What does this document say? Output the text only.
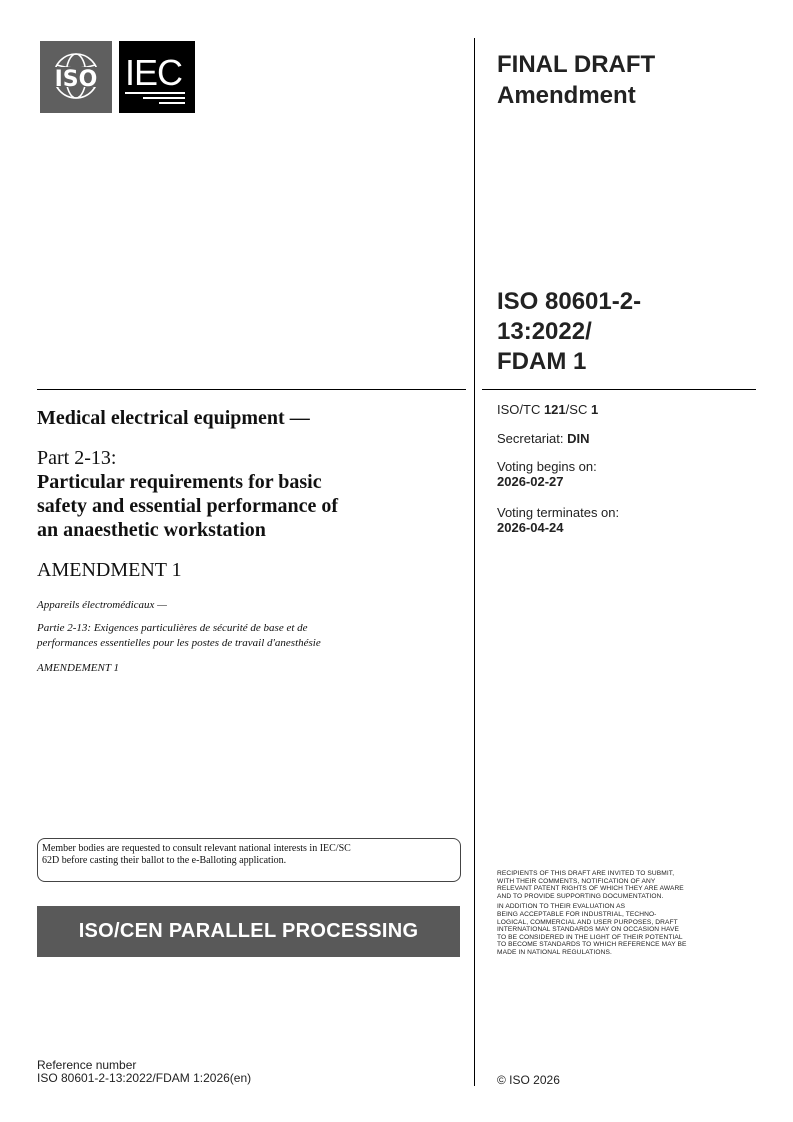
ISO IEC	FINAL DRAFT
Amendment
ISO 80601-2-
13:2022/
FDAM 1
ISO/TC 121/SC 1
Secretariat: DIN
Voting begins on:
2026-02-27
Voting terminates on:
2026-04-24
Medical electrical equipment —
Part 2-13:
Particular requirements for basic
safety and essential performance of
an anaesthetic workstation
AMENDMENT 1
Appareils électromédicaux —
Partie 2-13: Exigences particulières de sécurité de base et de
performances essentielles pour les postes de travail d'anesthésie
AMENDEMENT 1
Member bodies are requested to consult relevant national interests in IEC/SC
62D before casting their ballot to the e-Balloting application.
ISO/CEN PARALLEL PROCESSING
RECIPIENTS OF THIS DRAFT ARE INVITED TO SUBMIT,
WITH THEIR COMMENTS, NOTIFICATION OF ANY
RELEVANT PATENT RIGHTS OF WHICH THEY ARE AWARE
AND TO PROVIDE SUPPORTING DOCUMENTATION.
IN ADDITION TO THEIR EVALUATION AS
BEING ACCEPTABLE FOR INDUSTRIAL, TECHNO-
LOGICAL, COMMERCIAL AND USER PURPOSES, DRAFT
INTERNATIONAL STANDARDS MAY ON OCCASION HAVE
TO BE CONSIDERED IN THE LIGHT OF THEIR POTENTIAL
TO BECOME STANDARDS TO WHICH REFERENCE MAY BE
MADE IN NATIONAL REGULATIONS.
Reference number
ISO 80601-2-13:2022/FDAM 1:2026(en)	© ISO 2026
